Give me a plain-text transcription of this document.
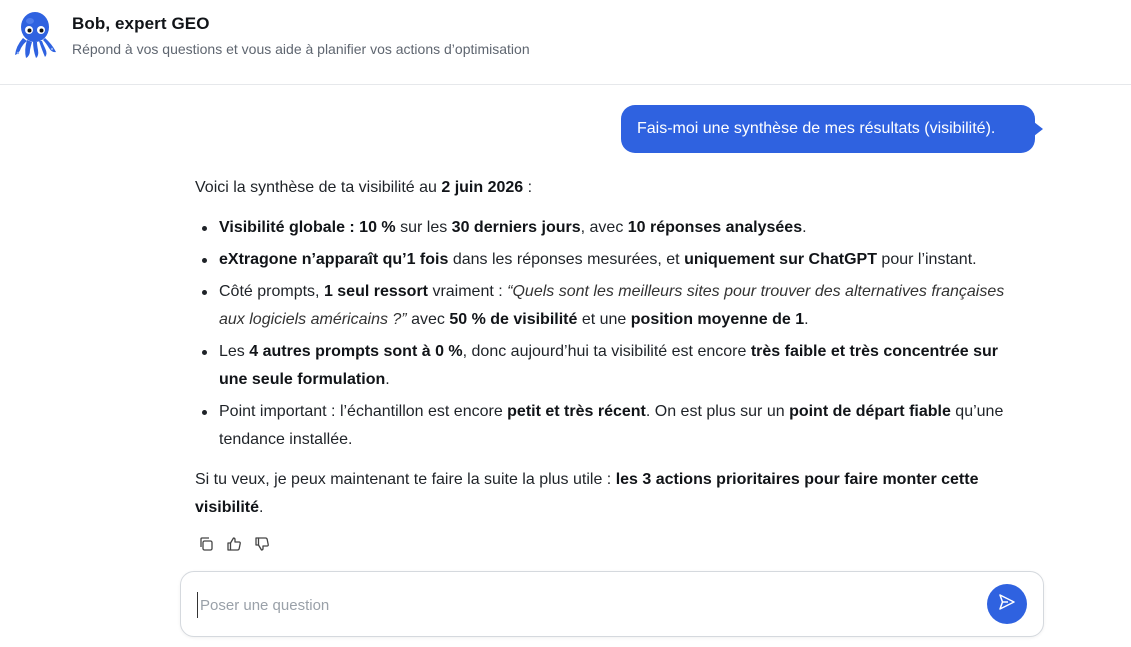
Bob, expert GEO
Répond à vos questions et vous aide à planifier vos actions d’optimisation
Fais-moi une synthèse de mes résultats (visibilité).

Voici la synthèse de ta visibilité au 2 juin 2026 :

Visibilité globale : 10 % sur les 30 derniers jours, avec 10 réponses analysées.
eXtragone n’apparaît qu’1 fois dans les réponses mesurées, et uniquement sur ChatGPT pour l’instant.
Côté prompts, 1 seul ressort vraiment : “Quels sont les meilleurs sites pour trouver des alternatives françaises aux logiciels américains ?” avec 50 % de visibilité et une position moyenne de 1.
Les 4 autres prompts sont à 0 %, donc aujourd’hui ta visibilité est encore très faible et très concentrée sur une seule formulation.
Point important : l’échantillon est encore petit et très récent. On est plus sur un point de départ fiable qu’une tendance installée.

Si tu veux, je peux maintenant te faire la suite la plus utile : les 3 actions prioritaires pour faire monter cette visibilité.

Poser une question
